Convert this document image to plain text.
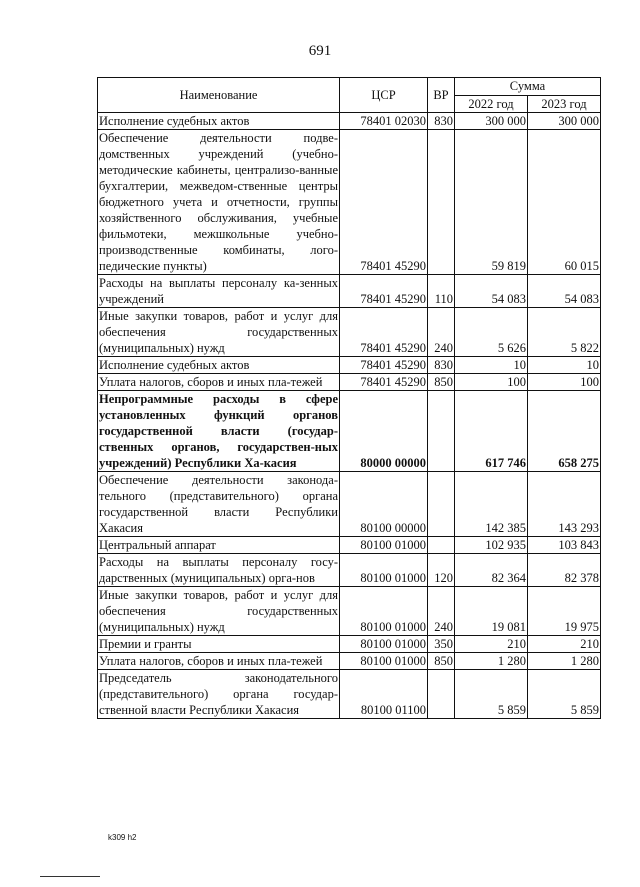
691
Наименование	ЦСР	ВР	Сумма	
			2022 год	2023 год
Исполнение судебных актов	78401 02030	830	300 000	300 000
Обеспечение деятельности подве-домственных учреждений (учебно-методические кабинеты, централизо-ванные бухгалтерии, межведом-ственные центры бюджетного учета и отчетности, группы хозяйственного обслуживания, учебные фильмотеки, межшкольные учебно-производственные комбинаты, лого-педические пункты)	78401 45290		59 819	60 015
Расходы на выплаты персоналу ка-зенных учреждений	78401 45290	110	54 083	54 083
Иные закупки товаров, работ и услуг для обеспечения государственных (муниципальных) нужд	78401 45290	240	5 626	5 822
Исполнение судебных актов	78401 45290	830	10	10
Уплата налогов, сборов и иных пла-тежей	78401 45290	850	100	100
Непрограммные расходы в сфере установленных функций органов государственной власти (государ-ственных органов, государствен-ных учреждений) Республики Ха-касия	80000 00000		617 746	658 275
Обеспечение деятельности законода-тельного (представительного) органа государственной власти Республики Хакасия	80100 00000		142 385	143 293
Центральный аппарат	80100 01000		102 935	103 843
Расходы на выплаты персоналу госу-дарственных (муниципальных) орга-нов	80100 01000	120	82 364	82 378
Иные закупки товаров, работ и услуг для обеспечения государственных (муниципальных) нужд	80100 01000	240	19 081	19 975
Премии и гранты	80100 01000	350	210	210
Уплата налогов, сборов и иных пла-тежей	80100 01000	850	1 280	1 280
Председатель законодательного (представительного) органа государ-ственной власти Республики Хакасия	80100 01100		5 859	5 859
k309 h2
